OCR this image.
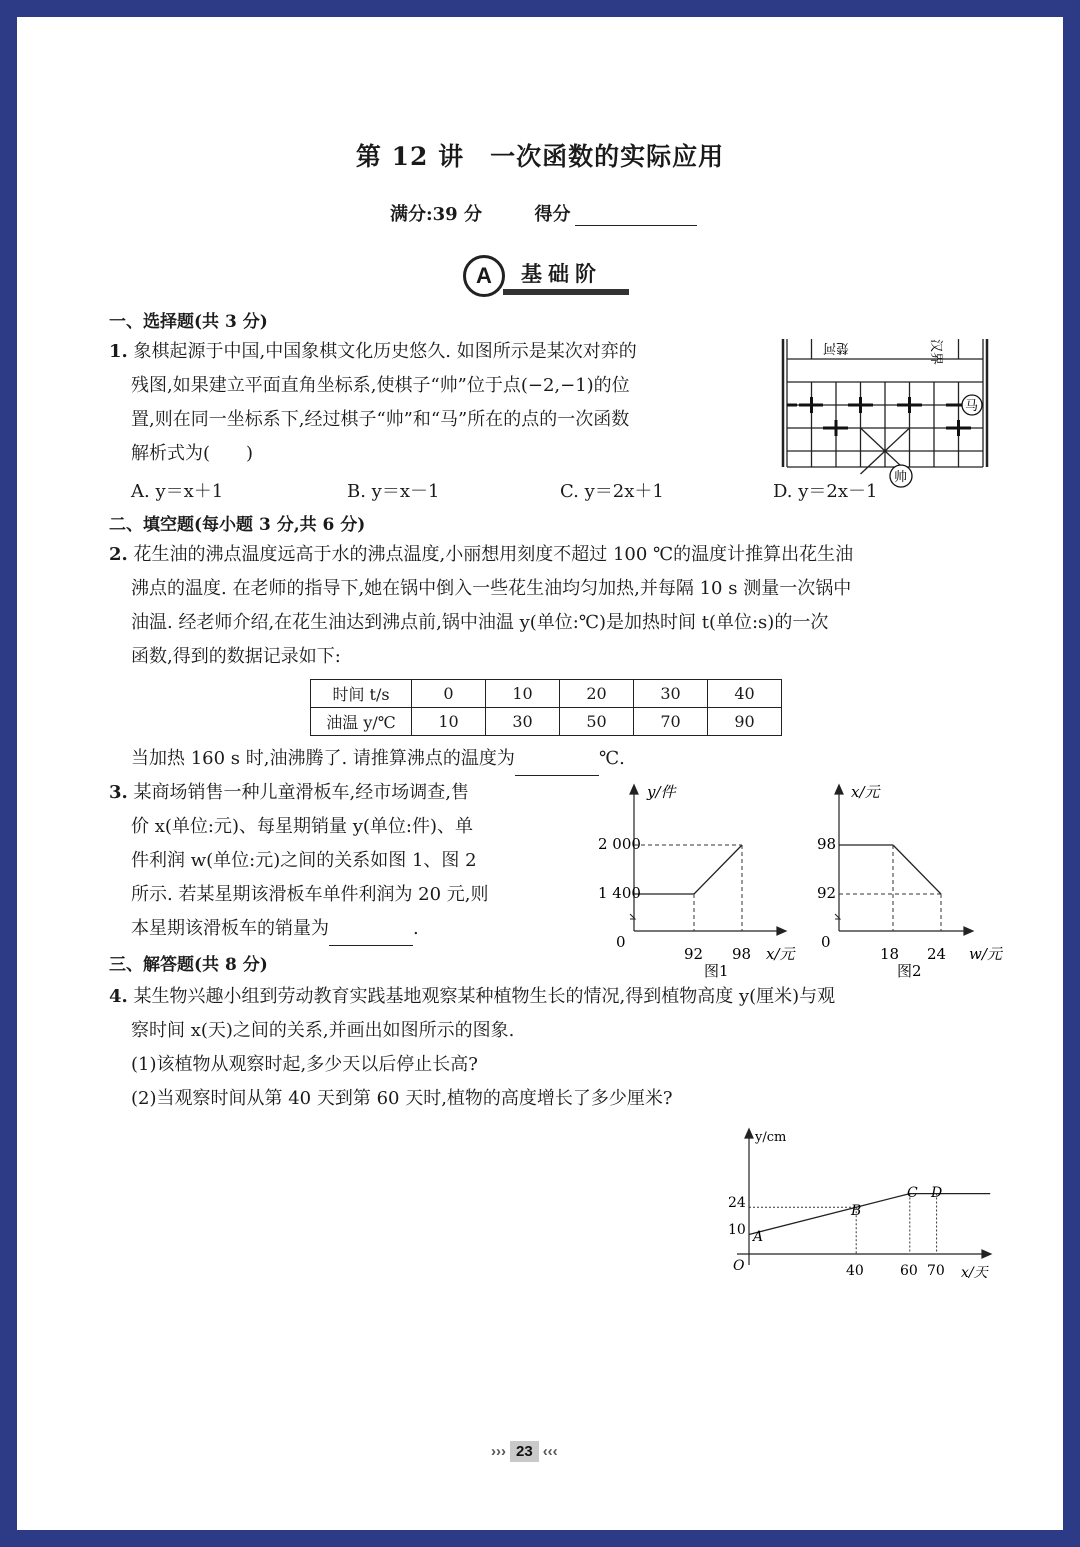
第 12 讲　一次函数的实际应用
满分:39 分	得分
A	基础阶
一、选择题(共 3 分)
1. 象棋起源于中国,中国象棋文化历史悠久. 如图所示是某次对弈的
残图,如果建立平面直角坐标系,使棋子“帅”位于点(−2,−1)的位
置,则在同一坐标系下,经过棋子“帅”和“马”所在的点的一次函数
解析式为(　　)
楚河	汉界
马
帅
A. y＝x＋1	B. y＝x－1	C. y＝2x＋1	D. y＝2x－1
二、填空题(每小题 3 分,共 6 分)
2. 花生油的沸点温度远高于水的沸点温度,小丽想用刻度不超过 100 ℃的温度计推算出花生油
沸点的温度. 在老师的指导下,她在锅中倒入一些花生油均匀加热,并每隔 10 s 测量一次锅中
油温. 经老师介绍,在花生油达到沸点前,锅中油温 y(单位:℃)是加热时间 t(单位:s)的一次
函数,得到的数据记录如下:
时间 t/s	0	10	20	30	40
油温 y/℃	10	30	50	70	90
当加热 160 s 时,油沸腾了. 请推算沸点的温度为	℃.
3. 某商场销售一种儿童滑板车,经市场调查,售
价 x(单位:元)、每星期销量 y(单位:件)、单
件利润 w(单位:元)之间的关系如图 1、图 2
所示. 若某星期该滑板车单件利润为 20 元,则
本星期该滑板车的销量为	.
y/件
x/元
0
2 000
1 400
92 98
图1
x/元
w/元
0
98
92
18 24
图2
三、解答题(共 8 分)
4. 某生物兴趣小组到劳动教育实践基地观察某种植物生长的情况,得到植物高度 y(厘米)与观
察时间 x(天)之间的关系,并画出如图所示的图象.
(1)该植物从观察时起,多少天以后停止长高?
(2)当观察时间从第 40 天到第 60 天时,植物的高度增长了多少厘米?
y/cm
x/天
O
24
10
40	60 70
A
B
C D
››› 23 ‹‹‹
